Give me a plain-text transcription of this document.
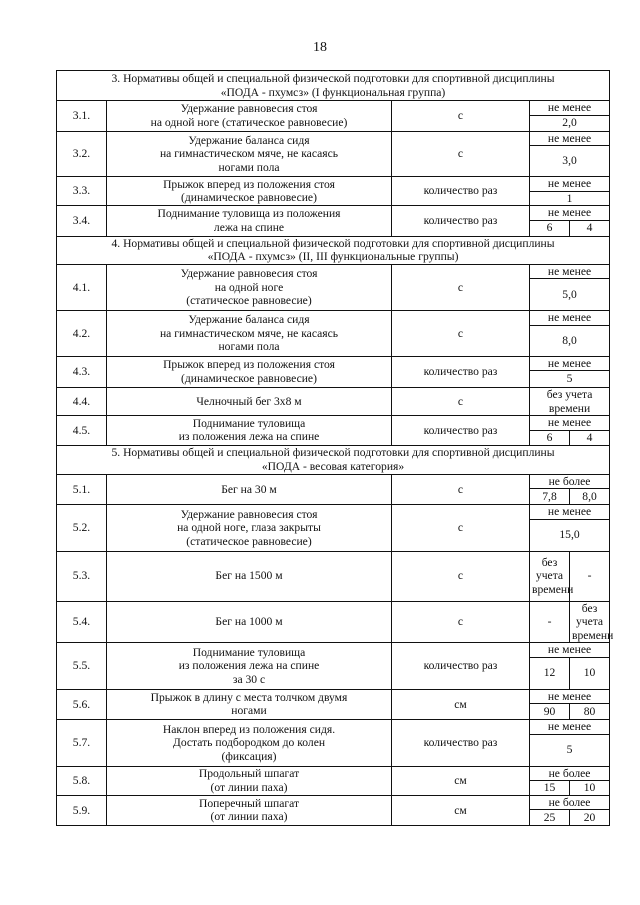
18
3. Нормативы общей и специальной физической подготовки для спортивной дисциплины
«ПОДА - пхумсз» (I функциональная группа)				
3.1.	Удержание равновесия стоя
на одной ноге (статическое равновесие)	с	не менее	
			2,0	
3.2.	Удержание баланса сидя
на гимнастическом мяче, не касаясь
ногами пола	с	не менее	
			3,0	
3.3.	Прыжок вперед из положения стоя
(динамическое равновесие)	количество раз	не менее	
			1	
3.4.	Поднимание туловища из положения
лежа на спине	количество раз	не менее	
			6	4
4. Нормативы общей и специальной физической подготовки для спортивной дисциплины
«ПОДА - пхумсз» (II, III функциональные группы)				
4.1.	Удержание равновесия стоя
на одной ноге
(статическое равновесие)	с	не менее	
			5,0	
4.2.	Удержание баланса сидя
на гимнастическом мяче, не касаясь
ногами пола	с	не менее	
			8,0	
4.3.	Прыжок вперед из положения стоя
(динамическое равновесие)	количество раз	не менее	
			5	
4.4.	Челночный бег 3х8 м	с	без учета времени	
4.5.	Поднимание туловища
из положения лежа на спине	количество раз	не менее	
			6	4
5. Нормативы общей и специальной физической подготовки для спортивной дисциплины
«ПОДА - весовая категория»				
5.1.	Бег на 30 м	с	не более	
			7,8	8,0
5.2.	Удержание равновесия стоя
на одной ноге, глаза закрыты
(статическое равновесие)	с	не менее	
			15,0	
5.3.	Бег на 1500 м	с	без
учета
времени	-
5.4.	Бег на 1000 м	с	-	без учета
времени
5.5.	Поднимание туловища
из положения лежа на спине
за 30 с	количество раз	не менее	
			12	10
5.6.	Прыжок в длину с места толчком двумя
ногами	см	не менее	
			90	80
5.7.	Наклон вперед из положения сидя.
Достать подбородком до колен
(фиксация)	количество раз	не менее	
			5	
5.8.	Продольный шпагат
(от линии паха)	см	не более	
			15	10
5.9.	Поперечный шпагат
(от линии паха)	см	не более	
			25	20
